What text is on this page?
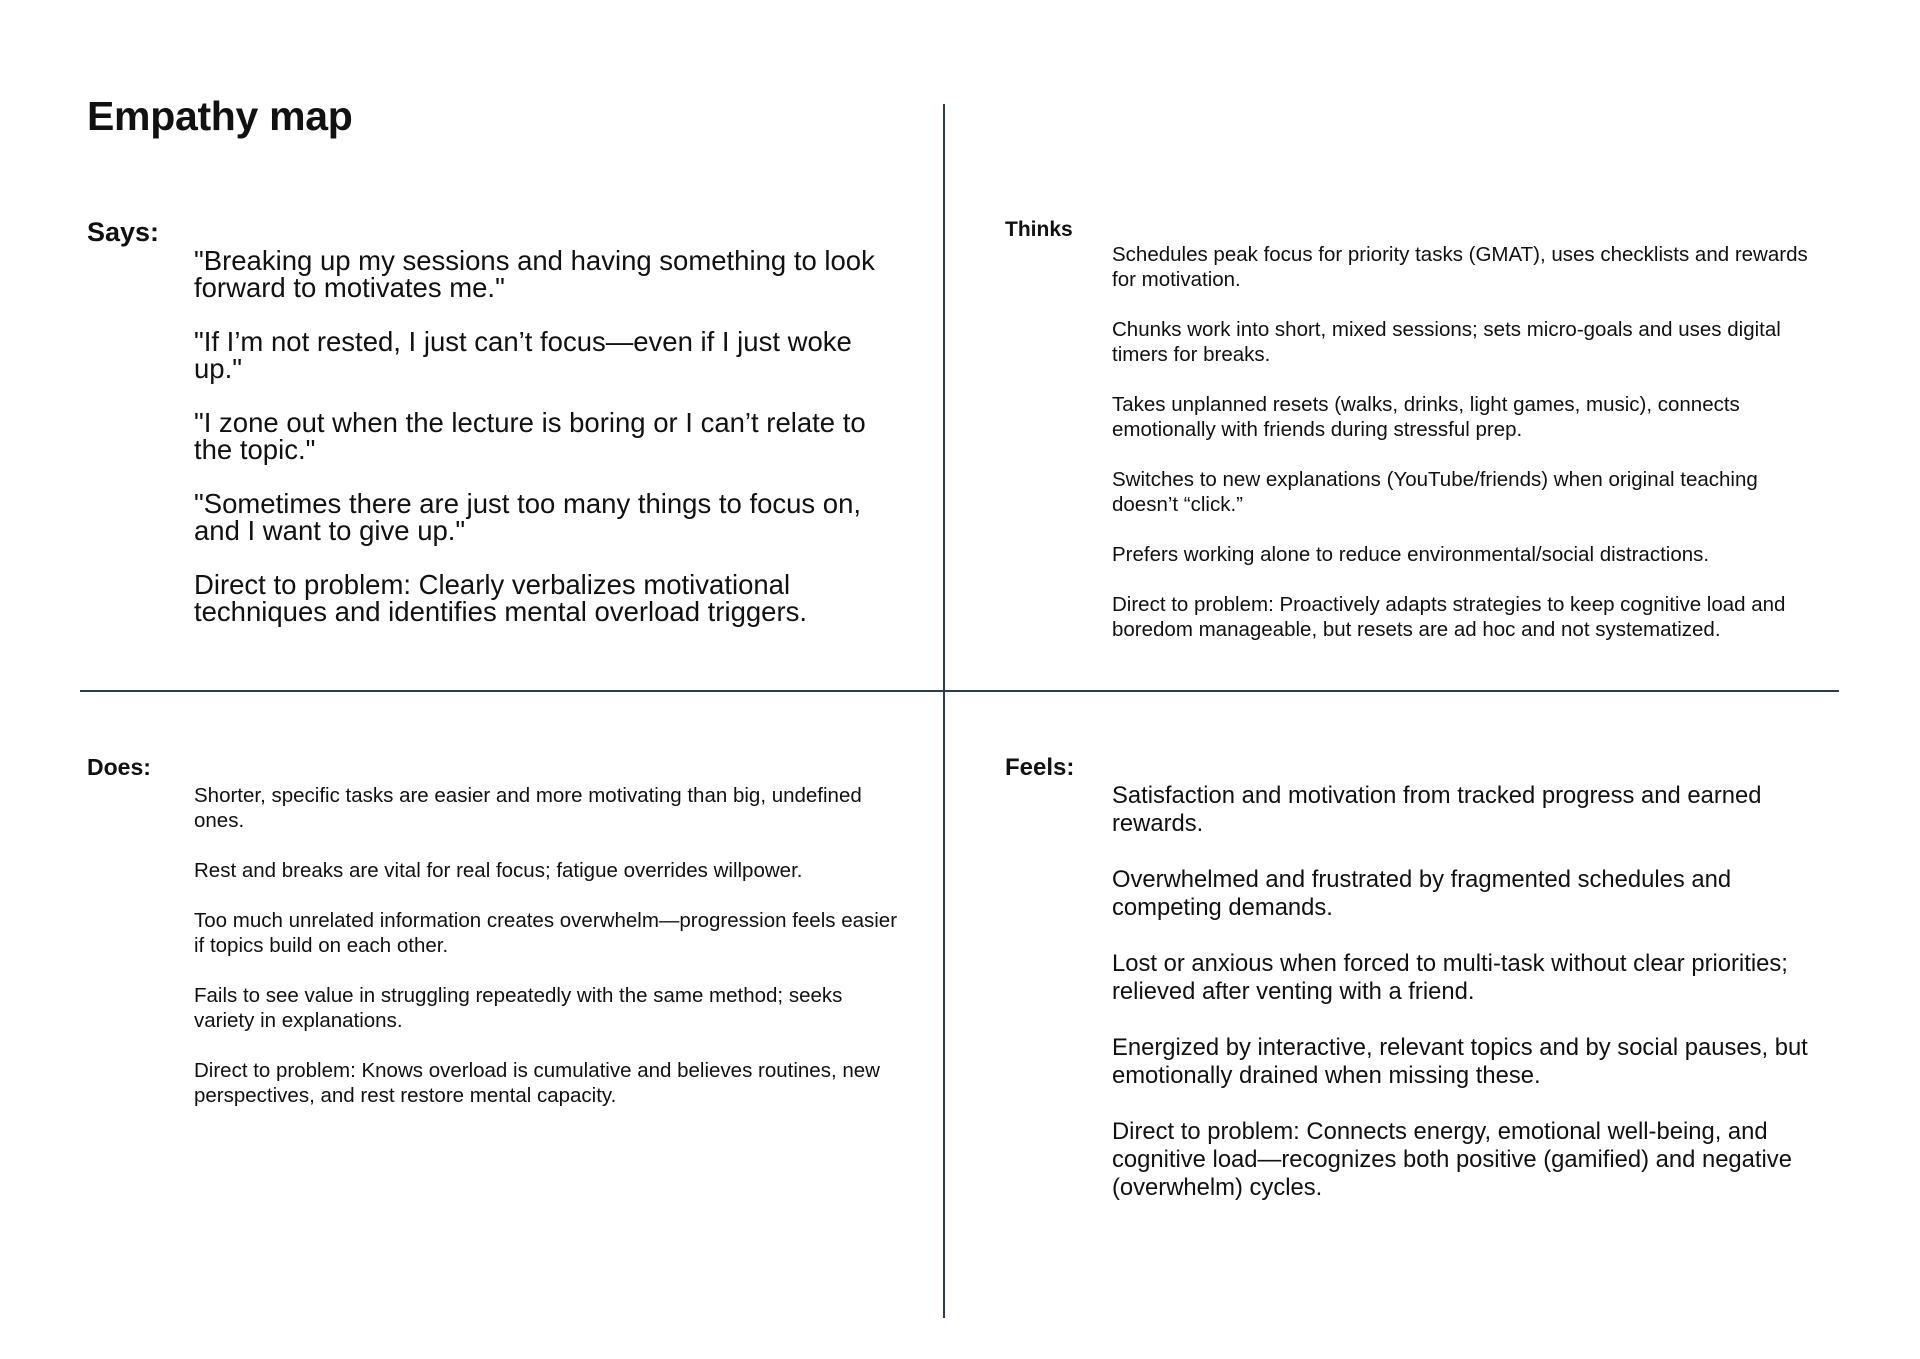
Empathy map
Says:

"Breaking up my sessions and having something to look forward to motivates me."

"If I’m not rested, I just can’t focus—even if I just woke up."

"I zone out when the lecture is boring or I can’t relate to the topic."

"Sometimes there are just too many things to focus on, and I want to give up."

Direct to problem: Clearly verbalizes motivational techniques and identifies mental overload triggers.

Thinks

Schedules peak focus for priority tasks (GMAT), uses checklists and rewards for motivation.

Chunks work into short, mixed sessions; sets micro-goals and uses digital timers for breaks.

Takes unplanned resets (walks, drinks, light games, music), connects emotionally with friends during stressful prep.

Switches to new explanations (YouTube/friends) when original teaching doesn’t “click.”

Prefers working alone to reduce environmental/social distractions.

Direct to problem: Proactively adapts strategies to keep cognitive load and boredom manageable, but resets are ad hoc and not systematized.

Does:

Shorter, specific tasks are easier and more motivating than big, undefined ones.

Rest and breaks are vital for real focus; fatigue overrides willpower.

Too much unrelated information creates overwhelm—progression feels easier if topics build on each other.

Fails to see value in struggling repeatedly with the same method; seeks variety in explanations.

Direct to problem: Knows overload is cumulative and believes routines, new perspectives, and rest restore mental capacity.

Feels:

Satisfaction and motivation from tracked progress and earned rewards.

Overwhelmed and frustrated by fragmented schedules and competing demands.

Lost or anxious when forced to multi-task without clear priorities; relieved after venting with a friend.

Energized by interactive, relevant topics and by social pauses, but emotionally drained when missing these.

Direct to problem: Connects energy, emotional well-being, and cognitive load—recognizes both positive (gamified) and negative (overwhelm) cycles.
